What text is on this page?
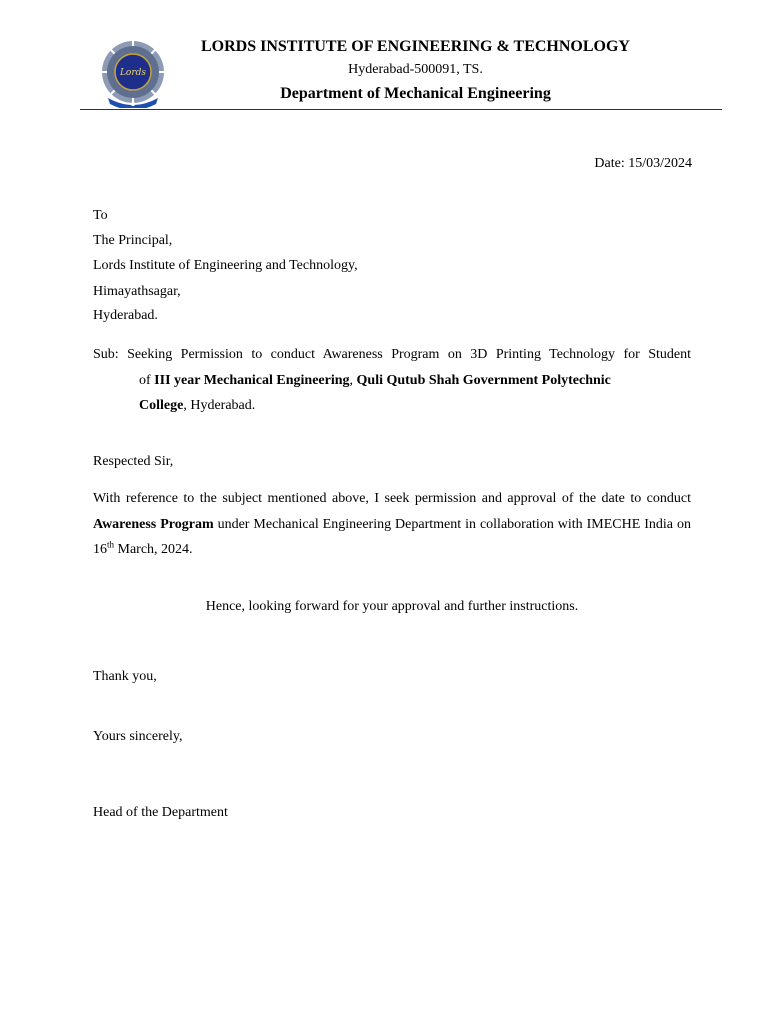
Lords
LORDS INSTITUTE OF ENGINEERING & TECHNOLOGY
Hyderabad-500091, TS.
Department of Mechanical Engineering
Date: 15/03/2024
To
The Principal,
Lords Institute of Engineering and Technology,
Himayathsagar,
Hyderabad.
Sub: Seeking Permission to conduct Awareness Program on 3D Printing Technology for Student
of III year Mechanical Engineering, Quli Qutub Shah Government Polytechnic
College, Hyderabad.
Respected Sir,
With reference to the subject mentioned above, I seek permission and approval of the date to conduct Awareness Program under Mechanical Engineering Department in collaboration with IMECHE India on 16th March, 2024.
Hence, looking forward for your approval and further instructions.
Thank you,
Yours sincerely,
Head of the Department
